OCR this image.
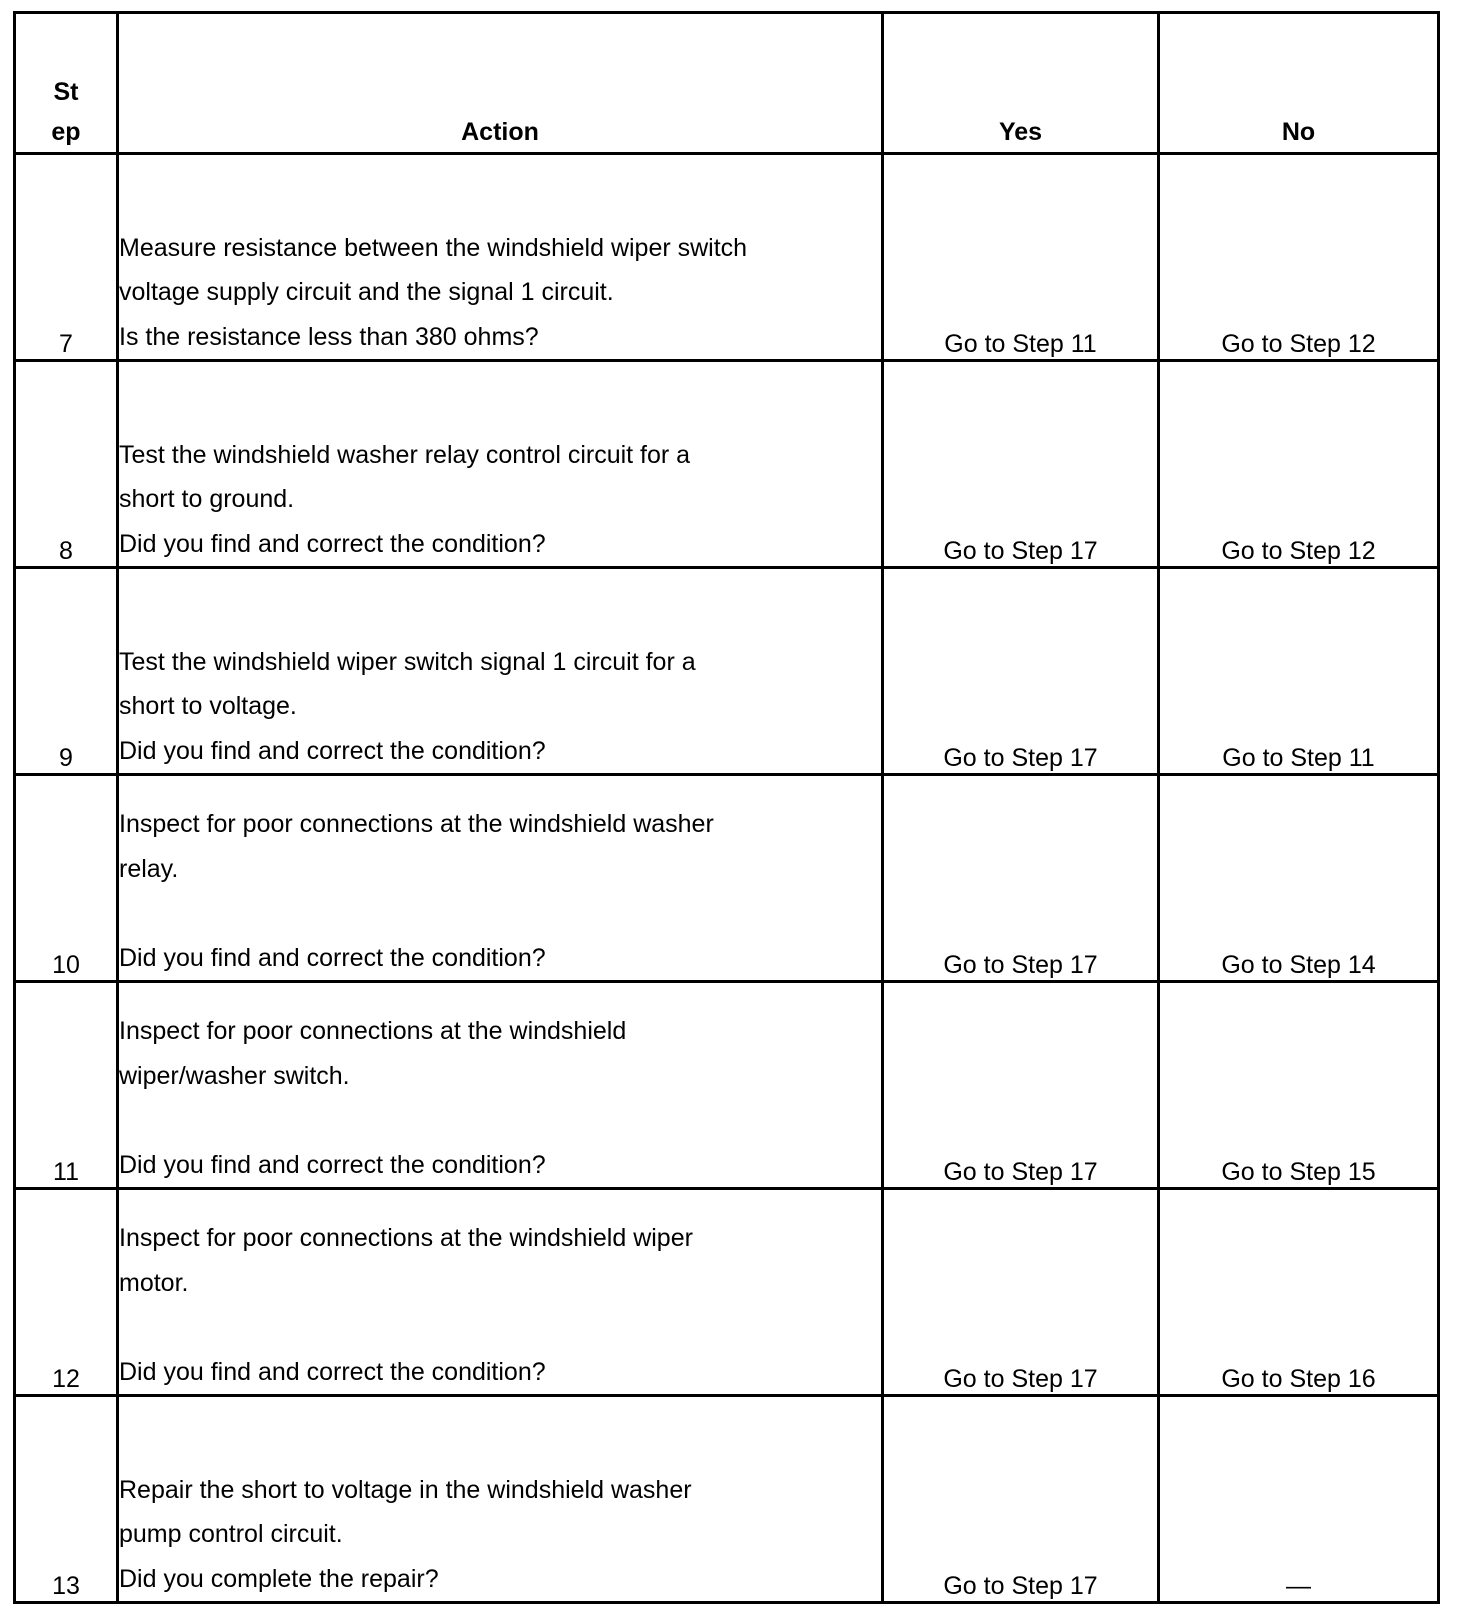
St
ep	Action	Yes	No
7	Measure resistance between the windshield wiper switch
voltage supply circuit and the signal 1 circuit.
Is the resistance less than 380 ohms?	Go to Step 11	Go to Step 12
8	Test the windshield washer relay control circuit for a
short to ground.
Did you find and correct the condition?	Go to Step 17	Go to Step 12
9	Test the windshield wiper switch signal 1 circuit for a
short to voltage.
Did you find and correct the condition?	Go to Step 17	Go to Step 11
10	Inspect for poor connections at the windshield washer
relay.
Did you find and correct the condition?	Go to Step 17	Go to Step 14
11	Inspect for poor connections at the windshield
wiper/washer switch.
Did you find and correct the condition?	Go to Step 17	Go to Step 15
12	Inspect for poor connections at the windshield wiper
motor.
Did you find and correct the condition?	Go to Step 17	Go to Step 16
13	Repair the short to voltage in the windshield washer
pump control circuit.
Did you complete the repair?	Go to Step 17	—
